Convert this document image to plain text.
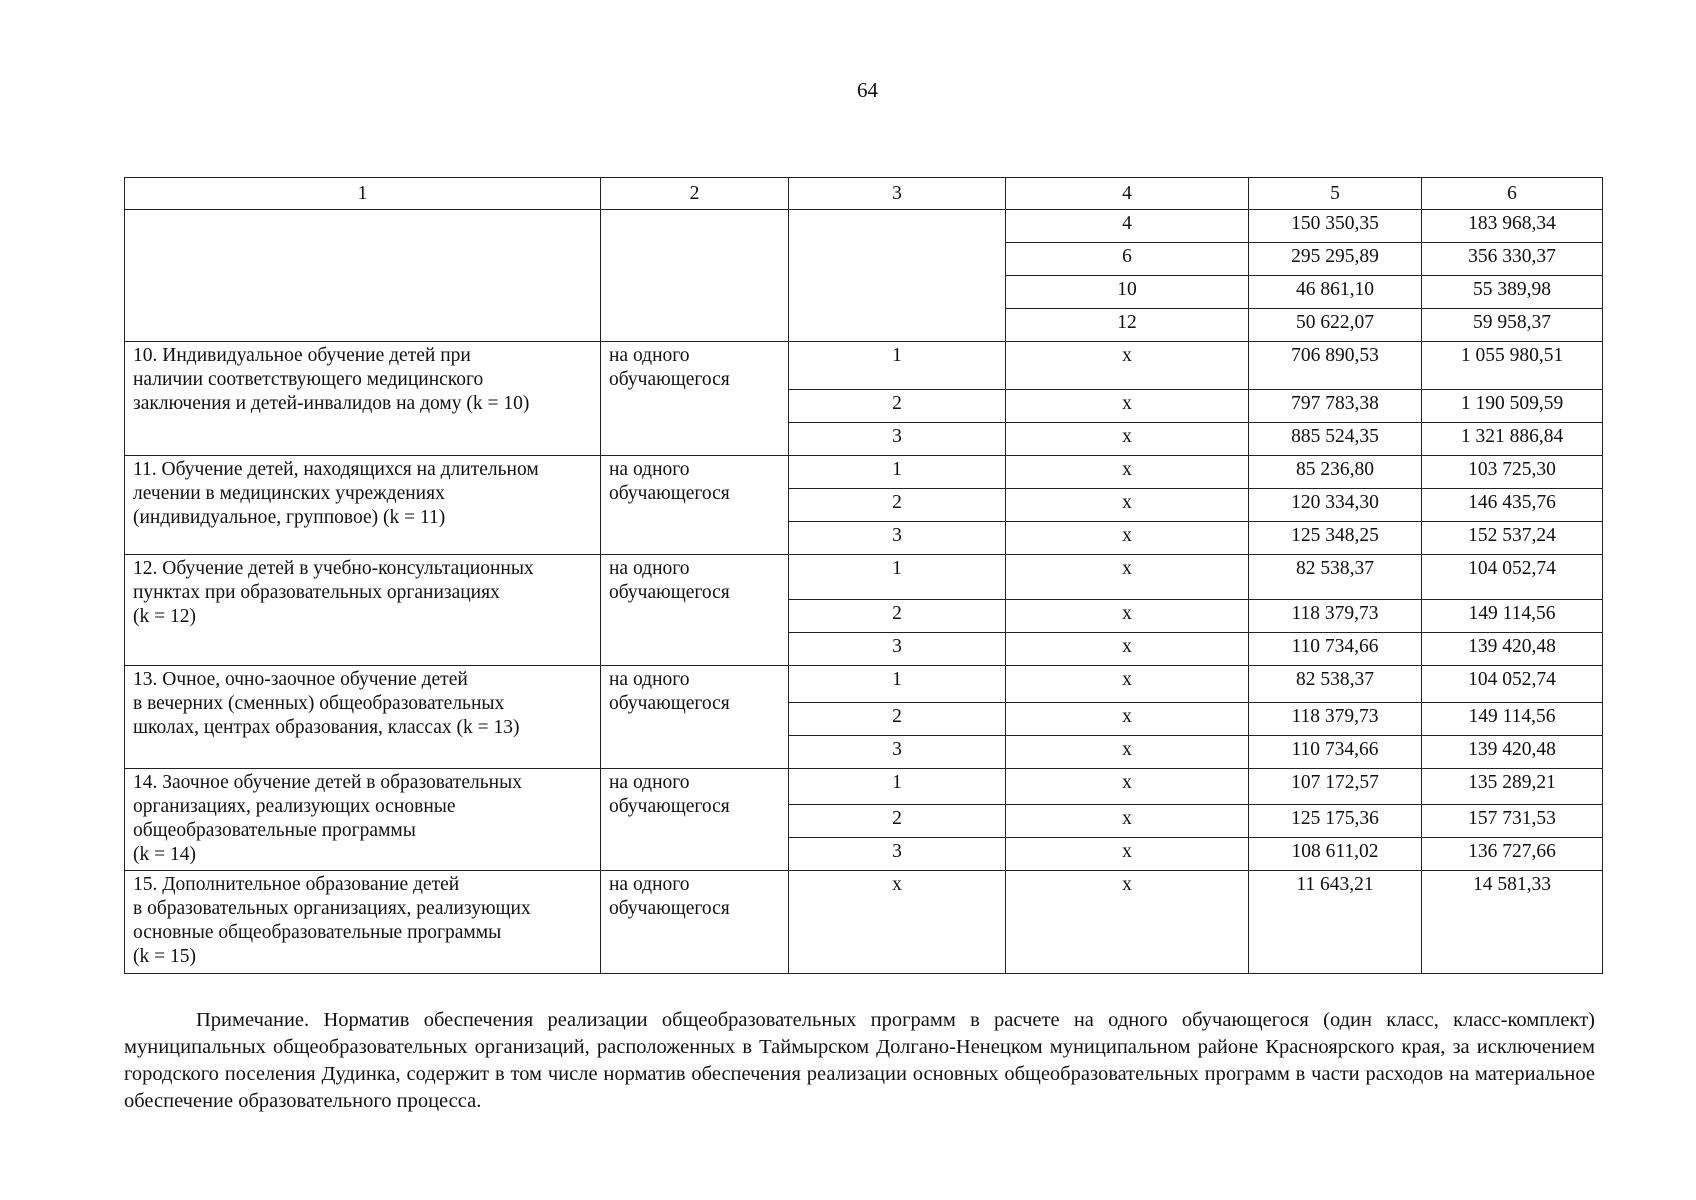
64
1	2	3	4	5	6
			4	150 350,35	183 968,34
			6	295 295,89	356 330,37
			10	46 861,10	55 389,98
			12	50 622,07	59 958,37

10. Индивидуальное обучение детей при
наличии соответствующего медицинского
заключения и детей-инвалидов на дому (k = 10)	на одного
обучающегося	1	x	706 890,53	1 055 980,51
		2	x	797 783,38	1 190 509,59
		3	x	885 524,35	1 321 886,84

11. Обучение детей, находящихся на длительном
лечении в медицинских учреждениях
(индивидуальное, групповое) (k = 11)	на одного
обучающегося	1	x	85 236,80	103 725,30
		2	x	120 334,30	146 435,76
		3	x	125 348,25	152 537,24

12. Обучение детей в учебно-консультационных
пунктах при образовательных организациях
(k = 12)	на одного
обучающегося	1	x	82 538,37	104 052,74
		2	x	118 379,73	149 114,56
		3	x	110 734,66	139 420,48

13. Очное, очно-заочное обучение детей
в вечерних (сменных) общеобразовательных
школах, центрах образования, классах (k = 13)	на одного
обучающегося	1	x	82 538,37	104 052,74
		2	x	118 379,73	149 114,56
		3	x	110 734,66	139 420,48

14. Заочное обучение детей в образовательных
организациях, реализующих основные
общеобразовательные программы
(k = 14)	на одного
обучающегося	1	x	107 172,57	135 289,21
		2	x	125 175,36	157 731,53
		3	x	108 611,02	136 727,66

15. Дополнительное образование детей
в образовательных организациях, реализующих
основные общеобразовательные программы
(k = 15)	на одного
обучающегося	x	x	11 643,21	14 581,33
Примечание. Норматив обеспечения реализации общеобразовательных программ в расчете на одного обучающегося (один класс, класс-комплект) муниципальных общеобразовательных организаций, расположенных в Таймырском Долгано-Ненецком муниципальном районе Красноярского края, за исключением городского поселения Дудинка, содержит в том числе норматив обеспечения реализации основных общеобразовательных программ в части расходов на материальное обеспечение образовательного процесса.
